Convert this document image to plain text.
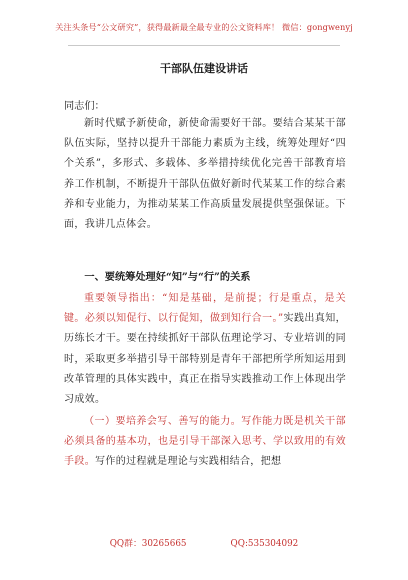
关注头条号“公文研究”，获得最新最全最专业的公文资料库！ 微信：gongwenyj
干部队伍建设讲话
同志们：
新时代赋予新使命，新使命需要好干部。要结合某某干部队伍实际，坚持以提升干部能力素质为主线，统筹处理好“四个关系”，多形式、多载体、多举措持续优化完善干部教育培养工作机制，不断提升干部队伍做好新时代某某工作的综合素养和专业能力，为推动某某工作高质量发展提供坚强保证。下面，我讲几点体会。
一、要统筹处理好“知”与“行”的关系
重要领导指出：“知是基础，是前提；行是重点，是关键。必须以知促行、以行促知，做到知行合一。”实践出真知，历练长才干。要在持续抓好干部队伍理论学习、专业培训的同时，采取更多举措引导干部特别是青年干部把所学所知运用到改革管理的具体实践中，真正在指导实践推动工作上体现出学习成效。
（一）要培养会写、善写的能力。写作能力既是机关干部必须具备的基本功，也是引导干部深入思考、学以致用的有效手段。写作的过程就是理论与实践相结合，把想
QQ群：30265665	QQ:535304092
